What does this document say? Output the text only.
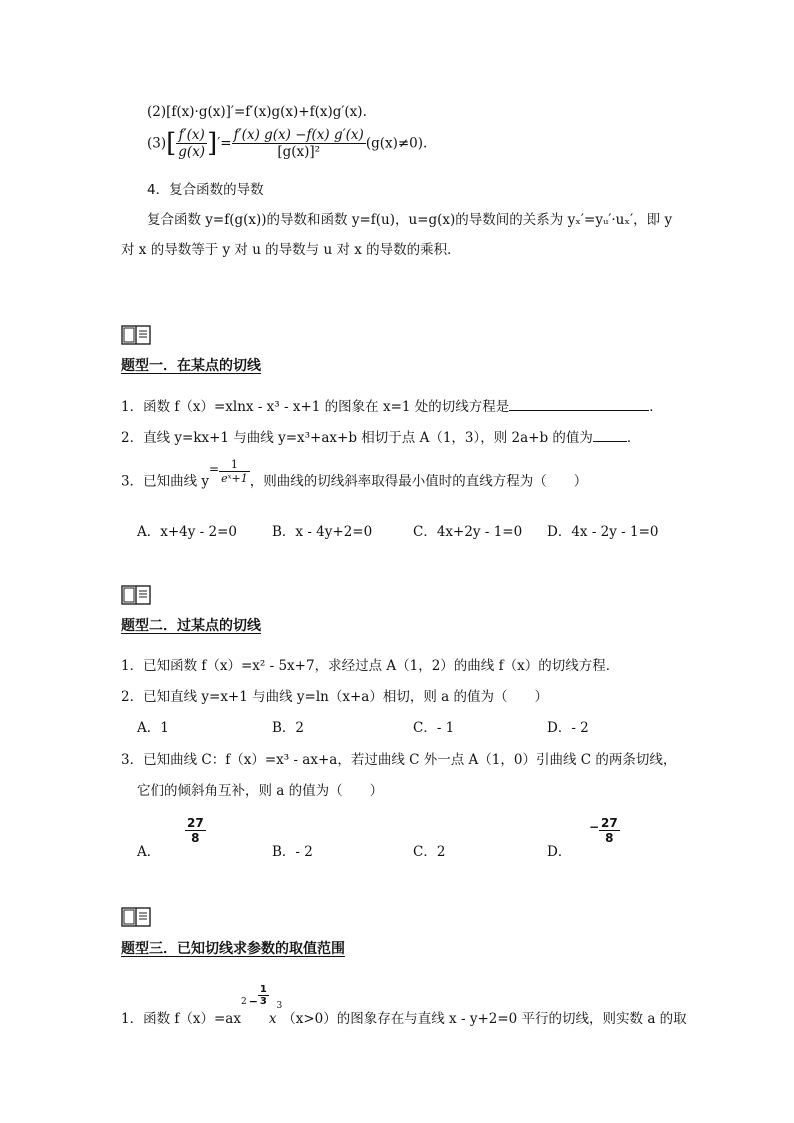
(2)[f(x)·g(x)]′=f′(x)g(x)+f(x)g′(x).
$(3)[ \frac{f'(x)}{g(x)}$ ]′= $\frac{f'(x) g(x) -f(x) g'(x)}{\text{[g(x)]²}} (g(x)\ne 0)$.
4．复合函数的导数
复合函数 y=f(g(x))的导数和函数 y=f(u)，u=g(x)的导数间的关系为 yₓ′=yᵤ′·uₓ′，即 y
对 x 的导数等于 y 对 u 的导数与 u 对 x 的导数的乘积．
题型一．在某点的切线
1．函数 f（x）=xlnx - x³ - x+1 的图象在 x=1 处的切线方程是	．
2．直线 y=kx+1 与曲线 y=x³+ax+b 相切于点 A（1，3），则 2a+b 的值为	．
3．已知曲线 $y= \frac{1}{\text{eˣ+1}}$ ，则曲线的切线斜率取得最小值时的直线方程为（　　）
A．x+4y - 2=0	B．x - 4y+2=0	C．4x+2y - 1=0 D．4x - 2y - 1=0
题型二．过某点的切线
1．已知函数 f（x）=x² - 5x+7，求经过点 A（1，2）的曲线 f（x）的切线方程．
2．已知直线 y=x+1 与曲线 y=ln（x+a）相切，则 a 的值为（　　）
A．1	B．2	C．- 1	D．- 2
3．已知曲线 C：f（x）=x³ - ax+a，若过曲线 C 外一点 A（1，0）引曲线 C 的两条切线，
它们的倾斜角互补，则 a 的值为（　　）
A．
$\frac{27}{8}$
B．- 2	C．2	D．
− $\frac{27}{8}$
题型三．已知切线求参数的取值范围
1．函数 $f(x)=ax^2$ $_- \frac{1}{3}$
$x^3(x>0)$的图象存在与直线 x - y+2=0 平行的切线，则实数 a 的取
